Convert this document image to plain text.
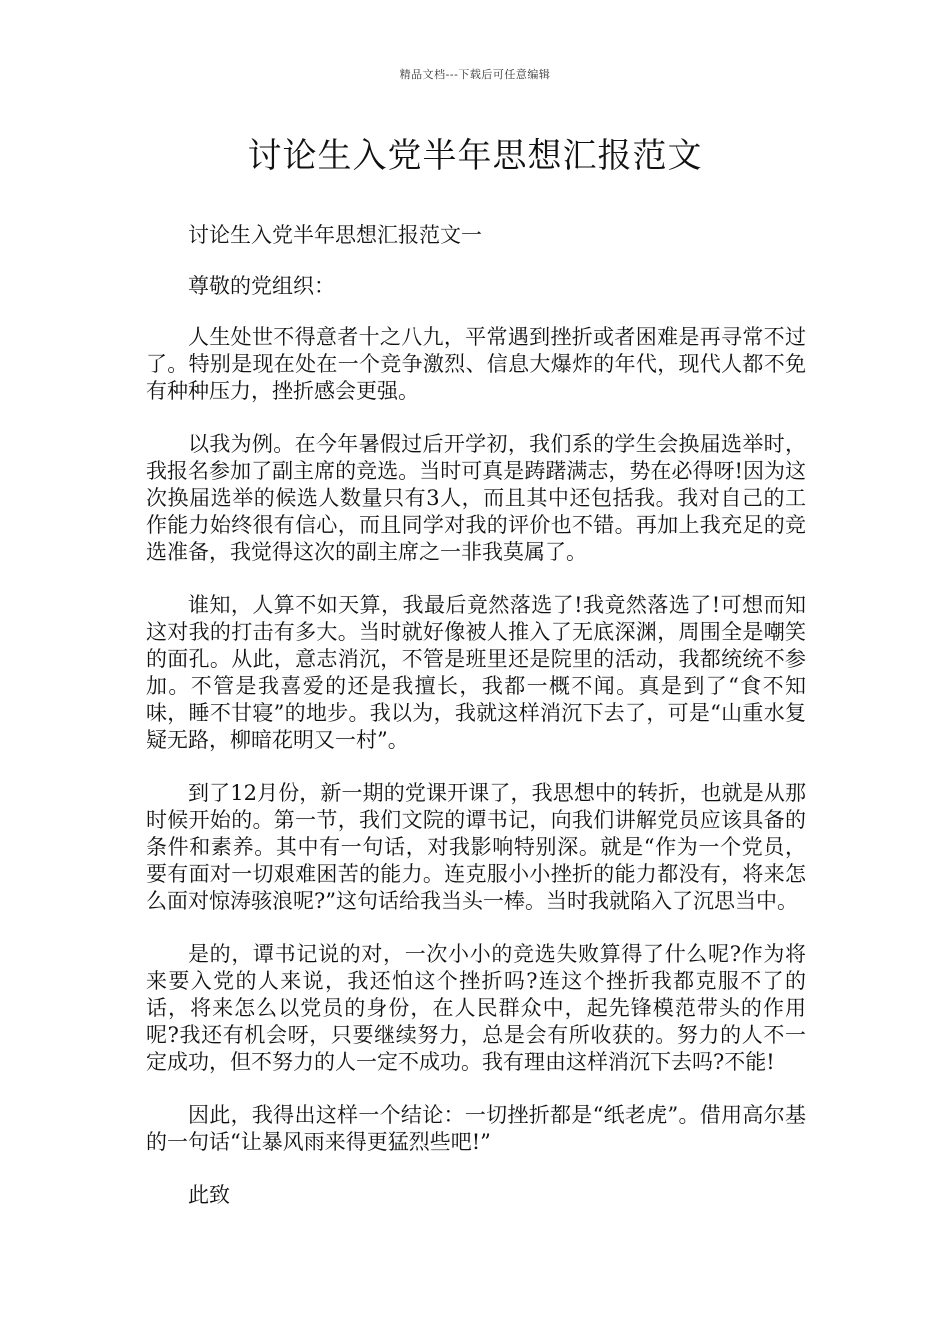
精品文档---下载后可任意编辑
讨论生入党半年思想汇报范文

讨论生入党半年思想汇报范文一

尊敬的党组织：

人生处世不得意者十之八九，平常遇到挫折或者困难是再寻常不过了。特别是现在处在一个竞争激烈、信息大爆炸的年代，现代人都不免有种种压力，挫折感会更强。

以我为例。在今年暑假过后开学初，我们系的学生会换届选举时，我报名参加了副主席的竞选。当时可真是踌躇满志，势在必得呀!因为这次换届选举的候选人数量只有3人，而且其中还包括我。我对自己的工作能力始终很有信心，而且同学对我的评价也不错。再加上我充足的竞选准备，我觉得这次的副主席之一非我莫属了。

谁知，人算不如天算，我最后竟然落选了!我竟然落选了!可想而知这对我的打击有多大。当时就好像被人推入了无底深渊，周围全是嘲笑的面孔。从此，意志消沉，不管是班里还是院里的活动，我都统统不参加。不管是我喜爱的还是我擅长，我都一概不闻。真是到了“食不知味，睡不甘寝”的地步。我以为，我就这样消沉下去了，可是“山重水复疑无路，柳暗花明又一村”。

到了12月份，新一期的党课开课了，我思想中的转折，也就是从那时候开始的。第一节，我们文院的谭书记，向我们讲解党员应该具备的条件和素养。其中有一句话，对我影响特别深。就是“作为一个党员，要有面对一切艰难困苦的能力。连克服小小挫折的能力都没有，将来怎么面对惊涛骇浪呢?”这句话给我当头一棒。当时我就陷入了沉思当中。

是的，谭书记说的对，一次小小的竞选失败算得了什么呢?作为将来要入党的人来说，我还怕这个挫折吗?连这个挫折我都克服不了的话，将来怎么以党员的身份，在人民群众中，起先锋模范带头的作用呢?我还有机会呀，只要继续努力，总是会有所收获的。努力的人不一定成功，但不努力的人一定不成功。我有理由这样消沉下去吗?不能!

因此，我得出这样一个结论：一切挫折都是“纸老虎”。借用高尔基的一句话“让暴风雨来得更猛烈些吧!”

此致
